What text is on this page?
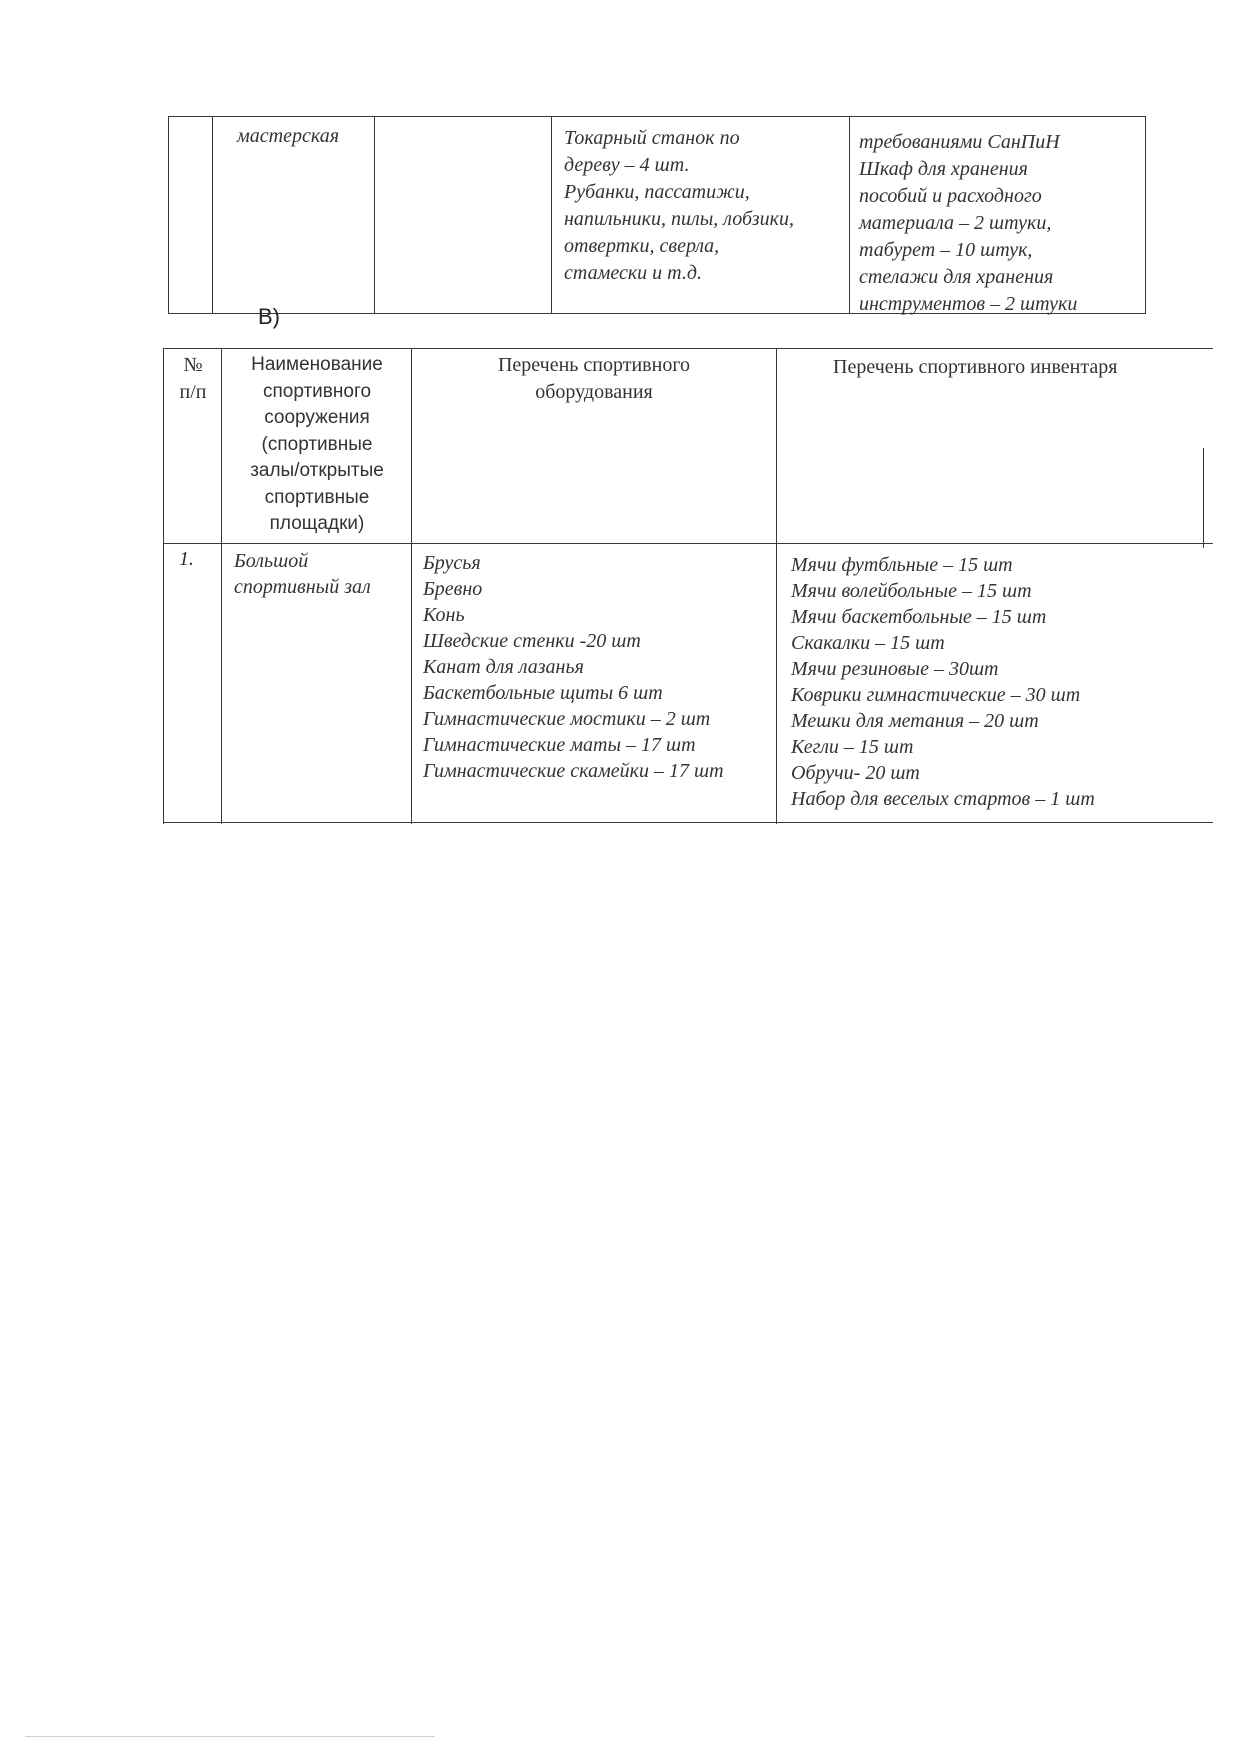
мастерская	Токарный станок по
дереву – 4 шт.
Рубанки, пассатижи,
напильники, пилы, лобзики,
отвертки, сверла,
стамески и т.д.
требованиями СанПиН
Шкаф для хранения
пособий и расходного
материала – 2 штуки,
табурет – 10 штук,
стелажи для хранения
инструментов – 2 штуки
В)
№
п/п
Наименование
спортивного
сооружения
(спортивные
залы/открытые
спортивные
площадки)
Перечень спортивного
оборудования
Перечень спортивного инвентаря
1. Большой
спортивный зал
Брусья
Бревно
Конь
Шведские стенки -20 шт
Канат для лазанья
Баскетбольные щиты 6 шт
Гимнастические мостики – 2 шт
Гимнастические маты – 17 шт
Гимнастические скамейки – 17 шт
Мячи футбльные – 15 шт
Мячи волейбольные – 15 шт
Мячи баскетбольные – 15 шт
Скакалки – 15 шт
Мячи резиновые – 30шт
Коврики гимнастические – 30 шт
Мешки для метания – 20 шт
Кегли – 15 шт
Обручи- 20 шт
Набор для веселых стартов – 1 шт
